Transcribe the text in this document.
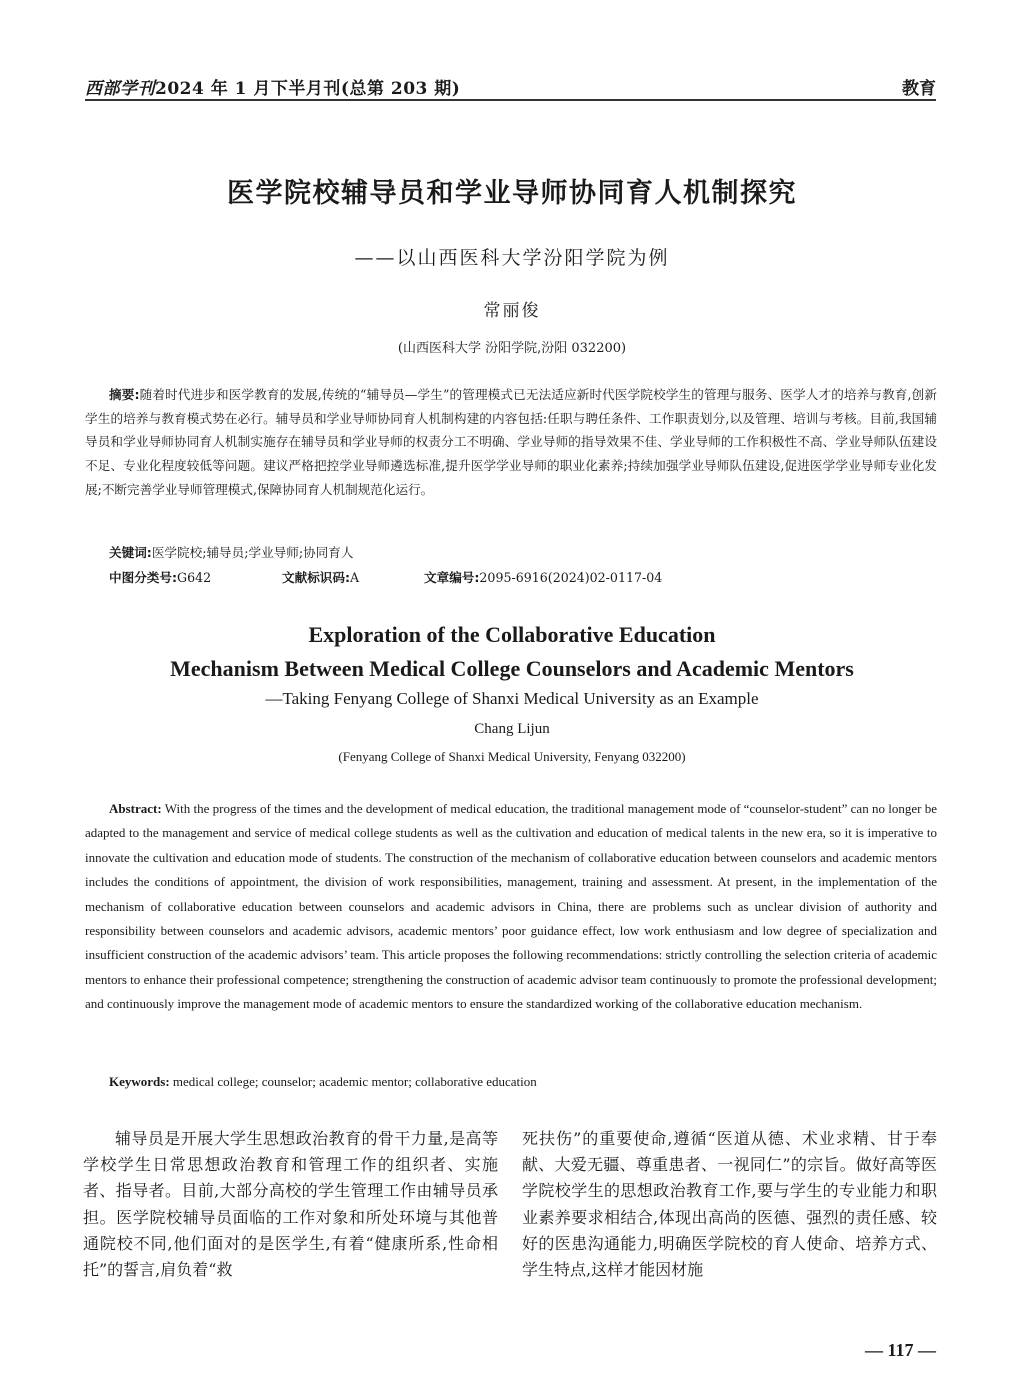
西部学刊2024 年 1 月下半月刊(总第 203 期)	教育
医学院校辅导员和学业导师协同育人机制探究
——以山西医科大学汾阳学院为例
常丽俊
(山西医科大学 汾阳学院,汾阳 032200)

摘要:随着时代进步和医学教育的发展,传统的“辅导员—学生”的管理模式已无法适应新时代医学院校学生的管理与服务、医学人才的培养与教育,创新学生的培养与教育模式势在必行。辅导员和学业导师协同育人机制构建的内容包括:任职与聘任条件、工作职责划分,以及管理、培训与考核。目前,我国辅导员和学业导师协同育人机制实施存在辅导员和学业导师的权责分工不明确、学业导师的指导效果不佳、学业导师的工作积极性不高、学业导师队伍建设不足、专业化程度较低等问题。建议严格把控学业导师遴选标准,提升医学学业导师的职业化素养;持续加强学业导师队伍建设,促进医学学业导师专业化发展;不断完善学业导师管理模式,保障协同育人机制规范化运行。

关键词:医学院校;辅导员;学业导师;协同育人
中图分类号:G642	文献标识码:A	文章编号:2095-6916(2024)02-0117-04
Exploration of the Collaborative Education
Mechanism Between Medical College Counselors and Academic Mentors
—Taking Fenyang College of Shanxi Medical University as an Example
Chang Lijun
(Fenyang College of Shanxi Medical University, Fenyang 032200)

Abstract: With the progress of the times and the development of medical education, the traditional management mode of “counselor-student” can no longer be adapted to the management and service of medical college students as well as the cultivation and education of medical talents in the new era, so it is imperative to innovate the cultivation and education mode of students. The construction of the mechanism of collaborative education between counselors and academic mentors includes the conditions of appointment, the division of work responsibilities, management, training and assessment. At present, in the implementation of the mechanism of collaborative education between counselors and academic advisors in China, there are problems such as unclear division of authority and responsibility between counselors and academic advisors, academic mentors’ poor guidance effect, low work enthusiasm and low degree of specialization and insufficient construction of the academic advisors’ team. This article proposes the following recommendations: strictly controlling the selection criteria of academic mentors to enhance their professional competence; strengthening the construction of academic advisor team continuously to promote the professional development; and continuously improve the management mode of academic mentors to ensure the standardized working of the collaborative education mechanism.

Keywords: medical college; counselor; academic mentor; collaborative education

辅导员是开展大学生思想政治教育的骨干力量,是高等学校学生日常思想政治教育和管理工作的组织者、实施者、指导者。目前,大部分高校的学生管理工作由辅导员承担。医学院校辅导员面临的工作对象和所处环境与其他普通院校不同,他们面对的是医学生,有着“健康所系,性命相托”的誓言,肩负着“救

死扶伤”的重要使命,遵循“医道从德、术业求精、甘于奉献、大爱无疆、尊重患者、一视同仁”的宗旨。做好高等医学院校学生的思想政治教育工作,要与学生的专业能力和职业素养要求相结合,体现出高尚的医德、强烈的责任感、较好的医患沟通能力,明确医学院校的育人使命、培养方式、学生特点,这样才能因材施

— 117 —
